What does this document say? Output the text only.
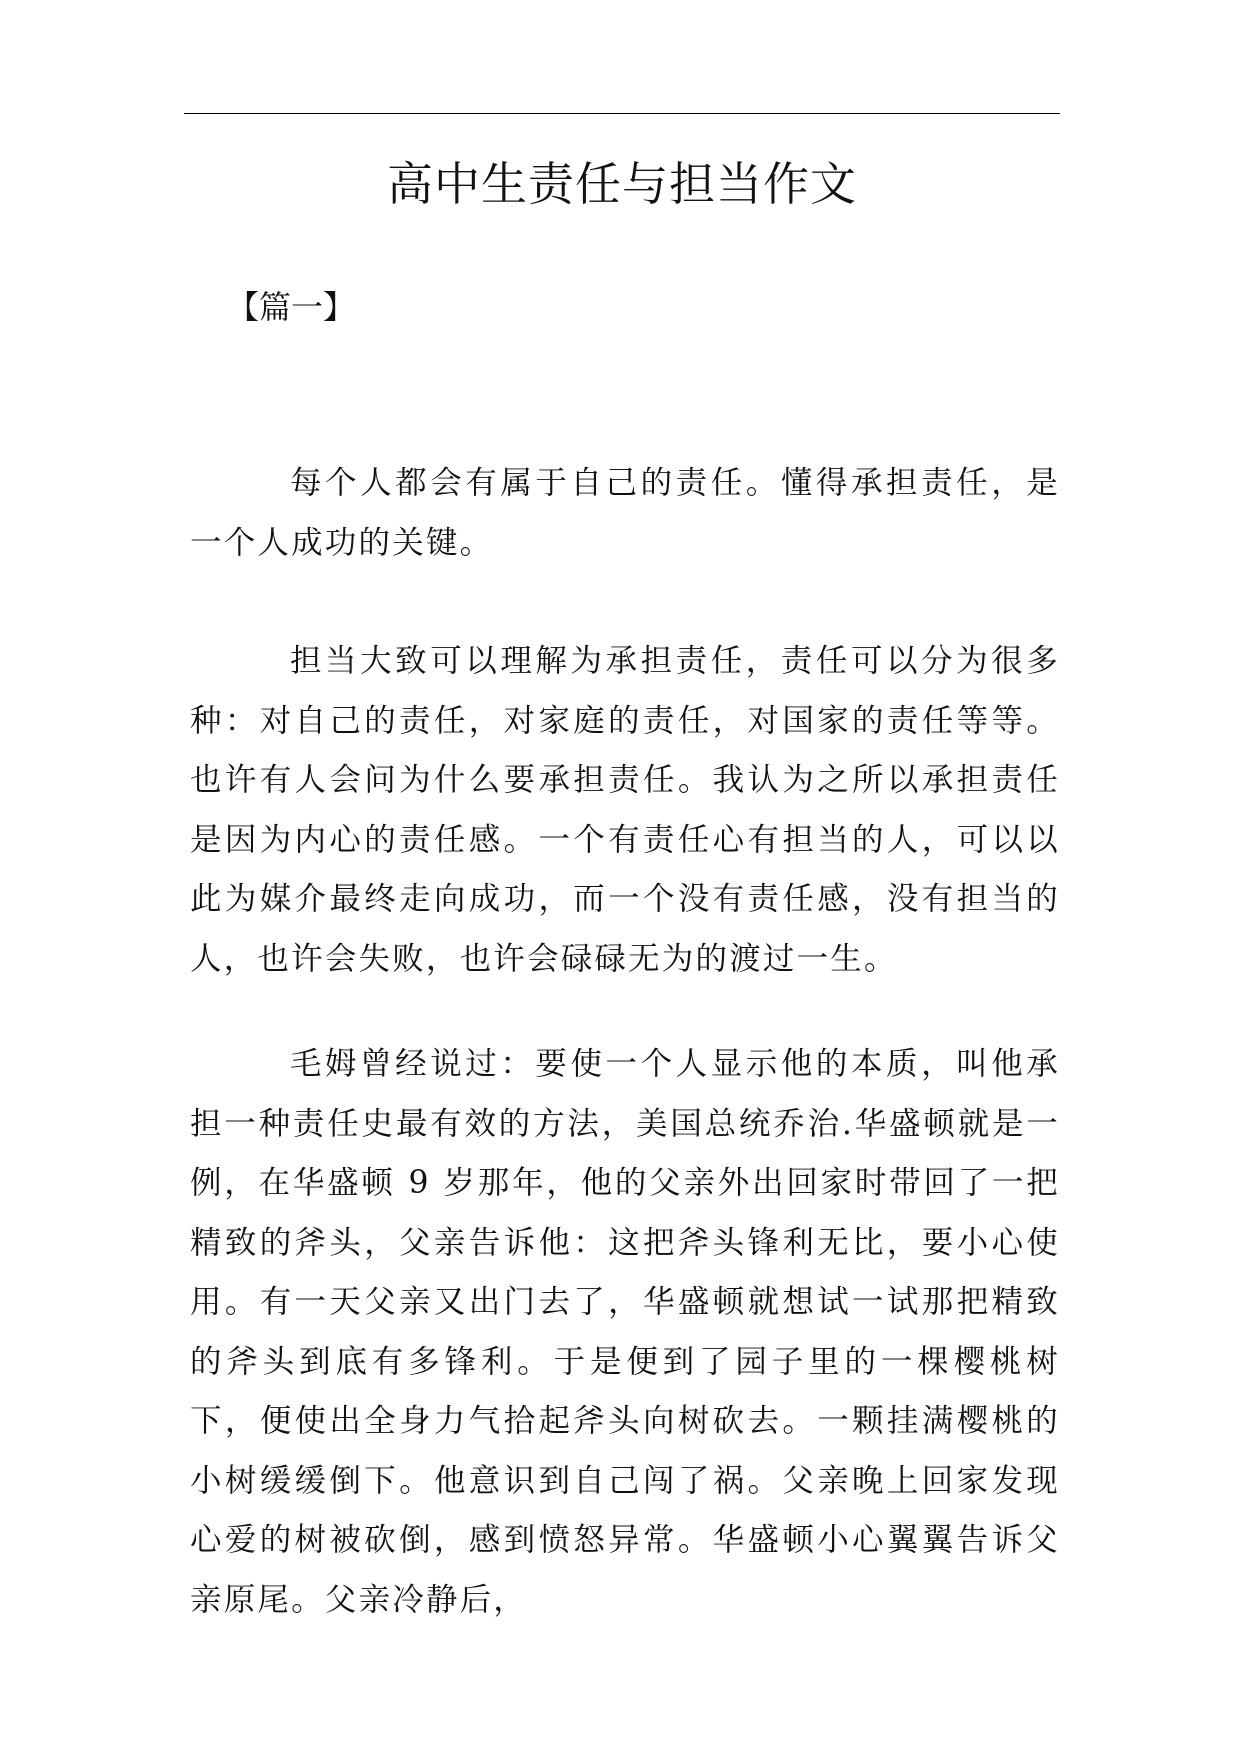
高中生责任与担当作文

【篇一】

每个人都会有属于自己的责任。懂得承担责任，是一个人成功的关键。

担当大致可以理解为承担责任，责任可以分为很多种：对自己的责任，对家庭的责任，对国家的责任等等。也许有人会问为什么要承担责任。我认为之所以承担责任是因为内心的责任感。一个有责任心有担当的人，可以以此为媒介最终走向成功，而一个没有责任感，没有担当的人，也许会失败，也许会碌碌无为的渡过一生。

毛姆曾经说过：要使一个人显示他的本质，叫他承担一种责任史最有效的方法，美国总统乔治.华盛顿就是一例，在华盛顿 9 岁那年，他的父亲外出回家时带回了一把精致的斧头，父亲告诉他：这把斧头锋利无比，要小心使用。有一天父亲又出门去了，华盛顿就想试一试那把精致的斧头到底有多锋利。于是便到了园子里的一棵樱桃树下，便使出全身力气拾起斧头向树砍去。一颗挂满樱桃的小树缓缓倒下。他意识到自己闯了祸。父亲晚上回家发现心爱的树被砍倒，感到愤怒异常。华盛顿小心翼翼告诉父亲原尾。父亲冷静后，
